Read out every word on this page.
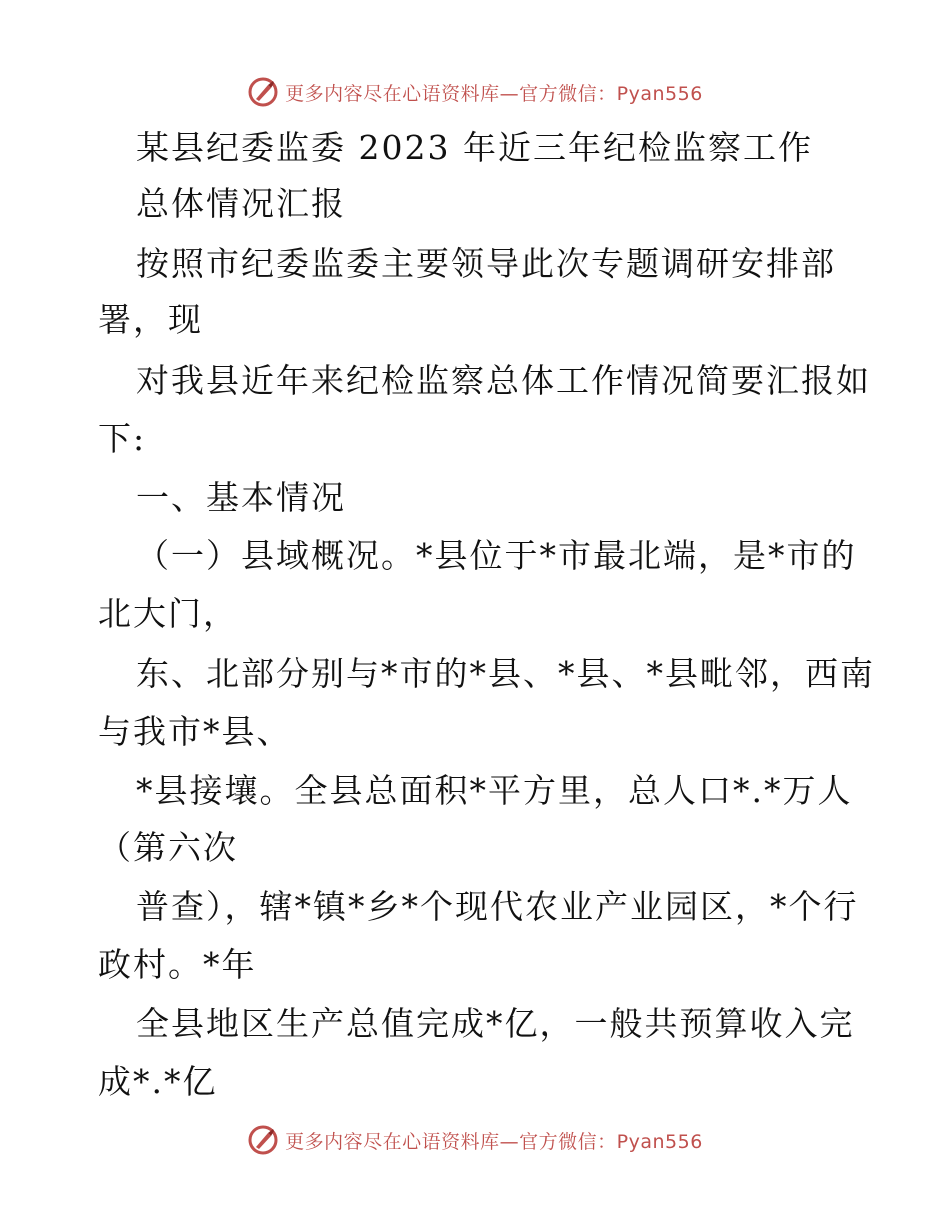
更多内容尽在心语资料库—官方微信：Pyan556
某县纪委监委 2023 年近三年纪检监察工作
总体情况汇报
按照市纪委监委主要领导此次专题调研安排部
署，现
对我县近年来纪检监察总体工作情况简要汇报如
下:
一、基本情况
（一）县域概况。*县位于*市最北端，是*市的
北大门，
东、北部分别与*市的*县、*县、*县毗邻，西南
与我市*县、
*县接壤。全县总面积*平方里，总人口*.*万人
（第六次
普查），辖*镇*乡*个现代农业产业园区，*个行
政村。*年
全县地区生产总值完成*亿，一般共预算收入完
成*.*亿
更多内容尽在心语资料库—官方微信：Pyan556
